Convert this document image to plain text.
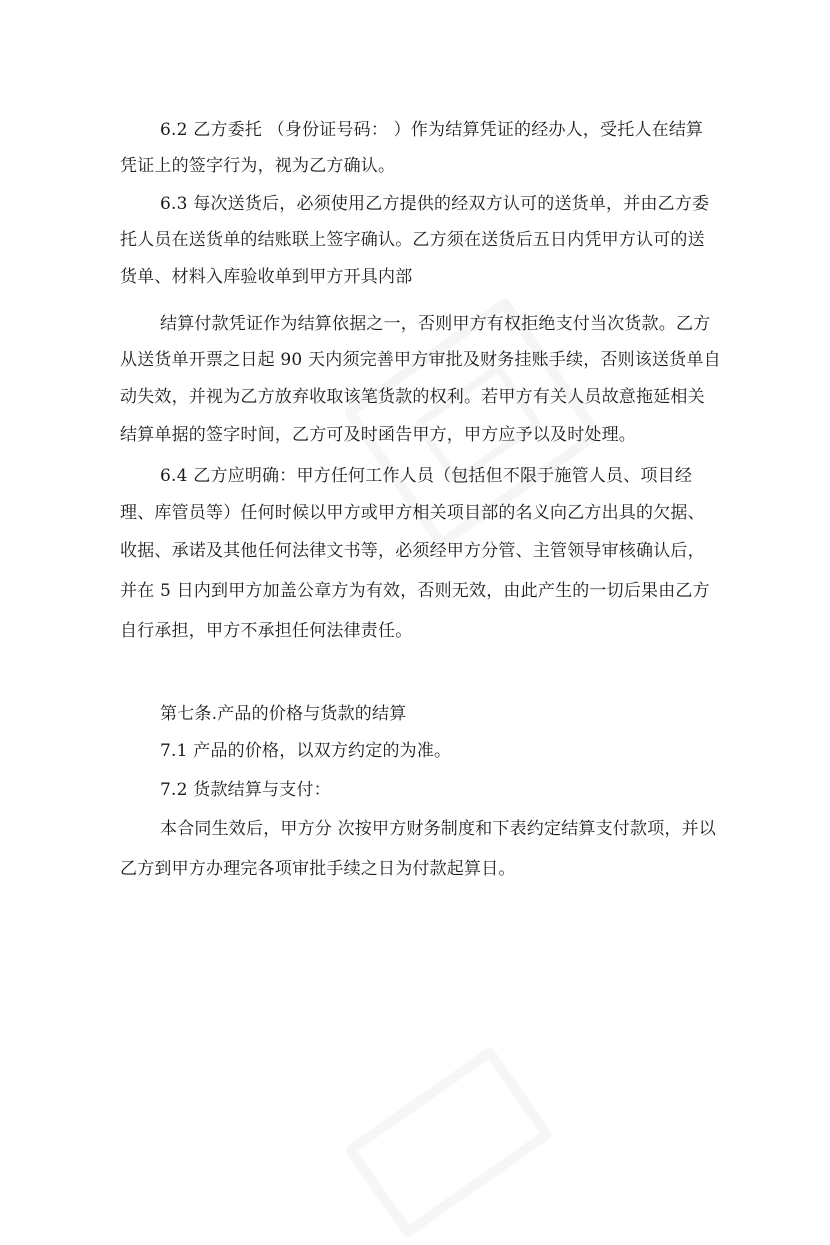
6.2 乙方委托 （身份证号码： ）作为结算凭证的经办人，受托人在结算
凭证上的签字行为，视为乙方确认。
6.3 每次送货后，必须使用乙方提供的经双方认可的送货单，并由乙方委
托人员在送货单的结账联上签字确认。乙方须在送货后五日内凭甲方认可的送
货单、材料入库验收单到甲方开具内部
结算付款凭证作为结算依据之一，否则甲方有权拒绝支付当次货款。乙方
从送货单开票之日起 90 天内须完善甲方审批及财务挂账手续，否则该送货单自
动失效，并视为乙方放弃收取该笔货款的权利。若甲方有关人员故意拖延相关
结算单据的签字时间，乙方可及时函告甲方，甲方应予以及时处理。
6.4 乙方应明确：甲方任何工作人员（包括但不限于施管人员、项目经
理、库管员等）任何时候以甲方或甲方相关项目部的名义向乙方出具的欠据、
收据、承诺及其他任何法律文书等，必须经甲方分管、主管领导审核确认后，
并在 5 日内到甲方加盖公章方为有效，否则无效，由此产生的一切后果由乙方
自行承担，甲方不承担任何法律责任。
第七条.产品的价格与货款的结算
7.1 产品的价格，以双方约定的为准。
7.2 货款结算与支付：
本合同生效后，甲方分 次按甲方财务制度和下表约定结算支付款项，并以
乙方到甲方办理完各项审批手续之日为付款起算日。
